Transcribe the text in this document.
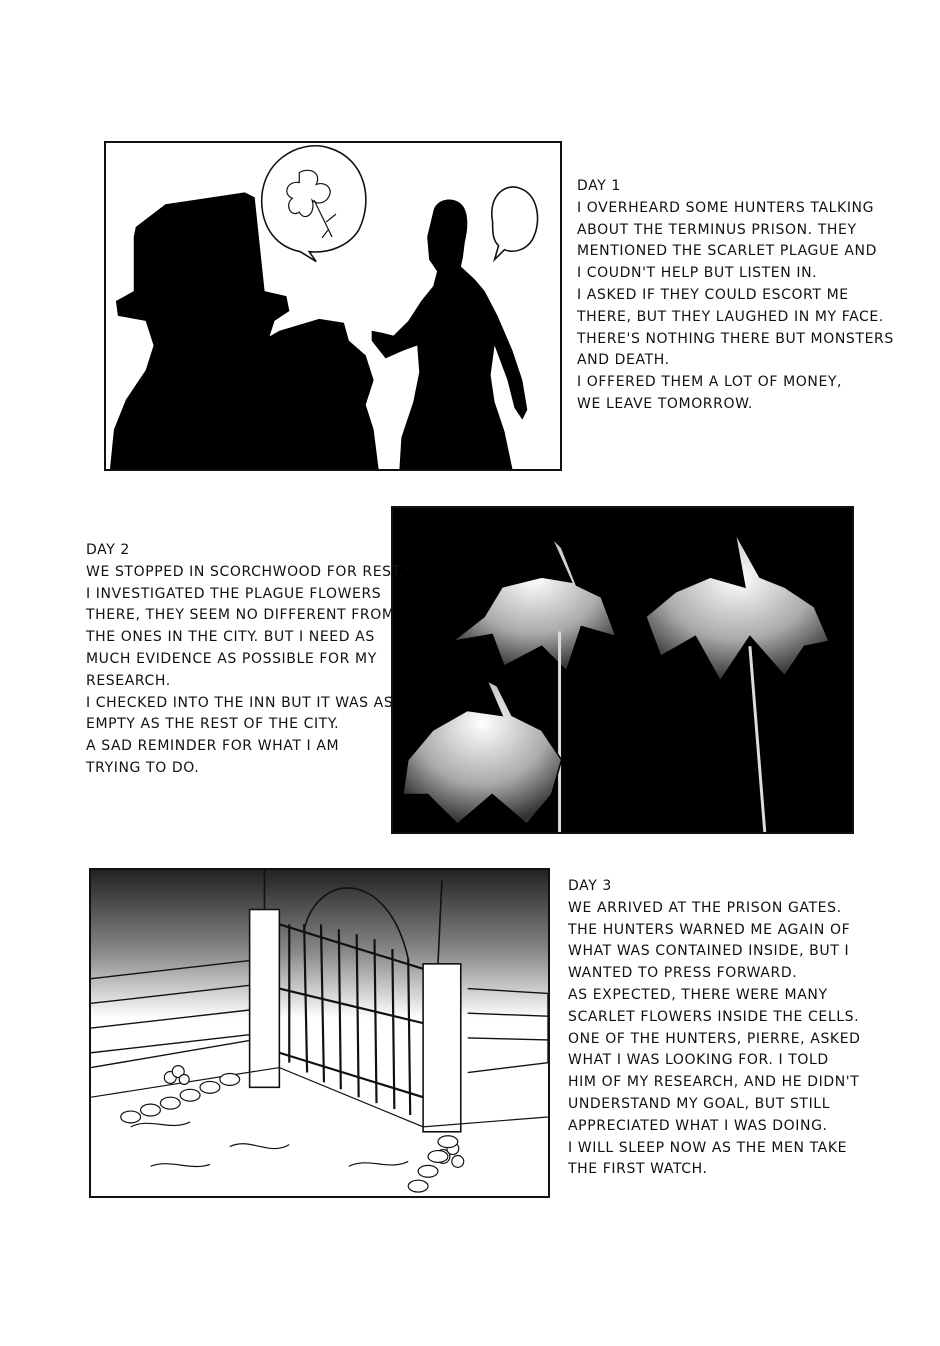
DAY 1
I OVERHEARD SOME HUNTERS TALKING
ABOUT THE TERMINUS PRISON. THEY
MENTIONED THE SCARLET PLAGUE AND
I COUDN'T HELP BUT LISTEN IN.
I ASKED IF THEY COULD ESCORT ME
THERE, BUT THEY LAUGHED IN MY FACE.
THERE'S NOTHING THERE BUT MONSTERS
AND DEATH.
I OFFERED THEM A LOT OF MONEY,
WE LEAVE TOMORROW.
DAY 2
WE STOPPED IN SCORCHWOOD FOR REST.
I INVESTIGATED THE PLAGUE FLOWERS
THERE, THEY SEEM NO DIFFERENT FROM
THE ONES IN THE CITY. BUT I NEED AS
MUCH EVIDENCE AS POSSIBLE FOR MY
RESEARCH.
I CHECKED INTO THE INN BUT IT WAS AS
EMPTY AS THE REST OF THE CITY.
A SAD REMINDER FOR WHAT I AM
TRYING TO DO.
DAY 3
WE ARRIVED AT THE PRISON GATES.
THE HUNTERS WARNED ME AGAIN OF
WHAT WAS CONTAINED INSIDE, BUT I
WANTED TO PRESS FORWARD.
AS EXPECTED, THERE WERE MANY
SCARLET FLOWERS INSIDE THE CELLS.
ONE OF THE HUNTERS, PIERRE, ASKED
WHAT I WAS LOOKING FOR. I TOLD
HIM OF MY RESEARCH, AND HE DIDN'T
UNDERSTAND MY GOAL, BUT STILL
APPRECIATED WHAT I WAS DOING.
I WILL SLEEP NOW AS THE MEN TAKE
THE FIRST WATCH.
